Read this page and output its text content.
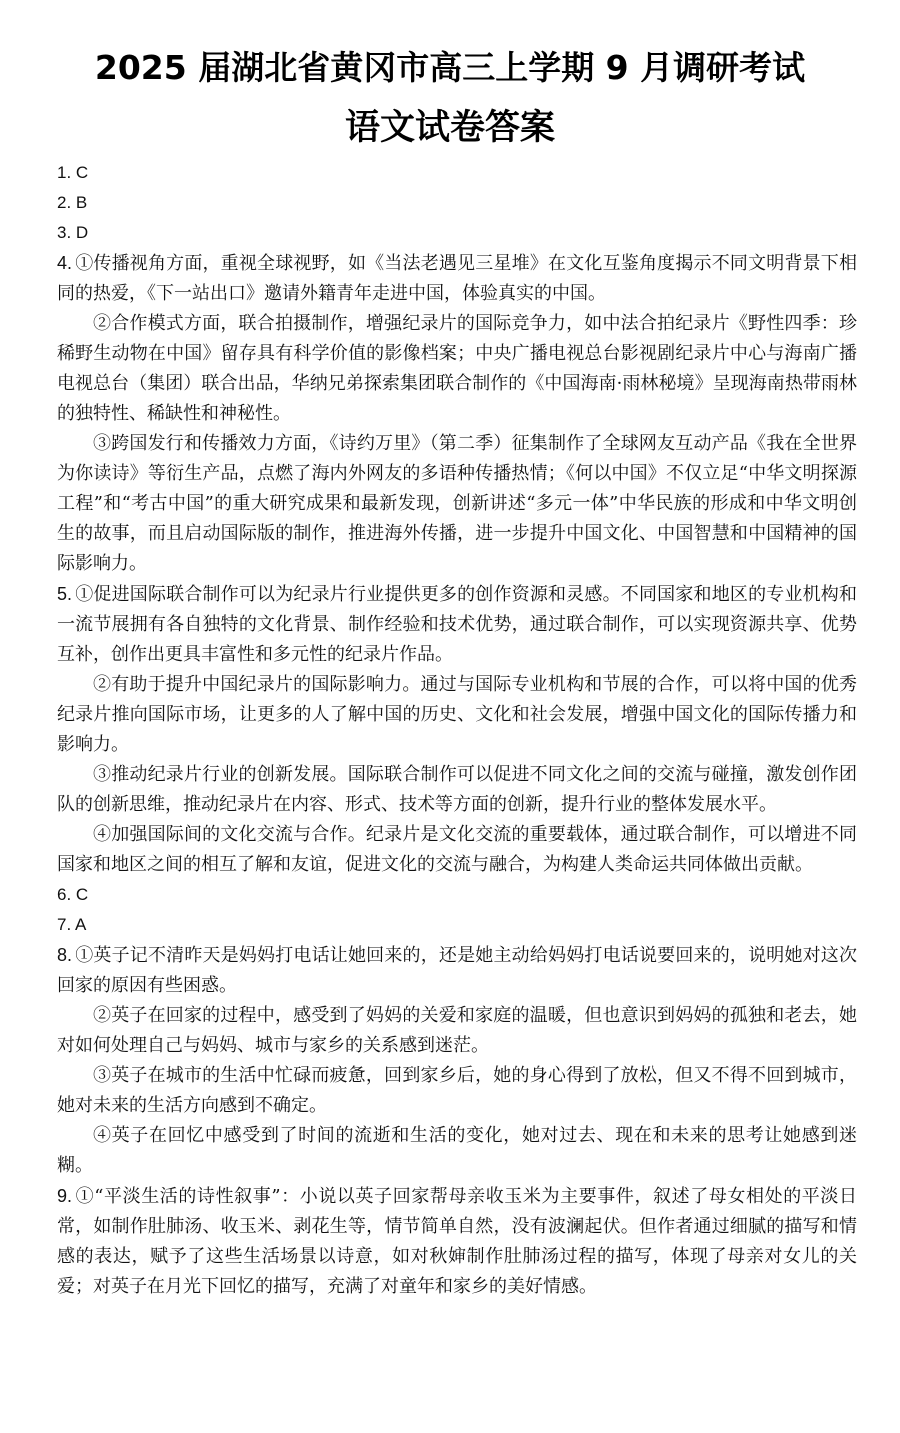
2025 届湖北省黄冈市高三上学期 9 月调研考试
语文试卷答案
1. C
2. B
3. D

4. ①传播视角方面，重视全球视野，如《当法老遇见三星堆》在文化互鉴角度揭示不同文明背景下相同的热爱，《下一站出口》邀请外籍青年走进中国，体验真实的中国。

②合作模式方面，联合拍摄制作，增强纪录片的国际竞争力，如中法合拍纪录片《野性四季：珍稀野生动物在中国》留存具有科学价值的影像档案；中央广播电视总台影视剧纪录片中心与海南广播电视总台（集团）联合出品，华纳兄弟探索集团联合制作的《中国海南·雨林秘境》呈现海南热带雨林的独特性、稀缺性和神秘性。

③跨国发行和传播效力方面，《诗约万里》（第二季）征集制作了全球网友互动产品《我在全世界为你读诗》等衍生产品，点燃了海内外网友的多语种传播热情；《何以中国》不仅立足“中华文明探源工程”和“考古中国”的重大研究成果和最新发现，创新讲述“多元一体”中华民族的形成和中华文明创生的故事，而且启动国际版的制作，推进海外传播，进一步提升中国文化、中国智慧和中国精神的国际影响力。

5. ①促进国际联合制作可以为纪录片行业提供更多的创作资源和灵感。不同国家和地区的专业机构和一流节展拥有各自独特的文化背景、制作经验和技术优势，通过联合制作，可以实现资源共享、优势互补，创作出更具丰富性和多元性的纪录片作品。

②有助于提升中国纪录片的国际影响力。通过与国际专业机构和节展的合作，可以将中国的优秀纪录片推向国际市场，让更多的人了解中国的历史、文化和社会发展，增强中国文化的国际传播力和影响力。

③推动纪录片行业的创新发展。国际联合制作可以促进不同文化之间的交流与碰撞，激发创作团队的创新思维，推动纪录片在内容、形式、技术等方面的创新，提升行业的整体发展水平。

④加强国际间的文化交流与合作。纪录片是文化交流的重要载体，通过联合制作，可以增进不同国家和地区之间的相互了解和友谊，促进文化的交流与融合，为构建人类命运共同体做出贡献。

6. C
7. A

8. ①英子记不清昨天是妈妈打电话让她回来的，还是她主动给妈妈打电话说要回来的，说明她对这次回家的原因有些困惑。

②英子在回家的过程中，感受到了妈妈的关爱和家庭的温暖，但也意识到妈妈的孤独和老去，她对如何处理自己与妈妈、城市与家乡的关系感到迷茫。

③英子在城市的生活中忙碌而疲惫，回到家乡后，她的身心得到了放松，但又不得不回到城市，她对未来的生活方向感到不确定。

④英子在回忆中感受到了时间的流逝和生活的变化，她对过去、现在和未来的思考让她感到迷糊。

9. ①“平淡生活的诗性叙事”：小说以英子回家帮母亲收玉米为主要事件，叙述了母女相处的平淡日常，如制作肚肺汤、收玉米、剥花生等，情节简单自然，没有波澜起伏。但作者通过细腻的描写和情感的表达，赋予了这些生活场景以诗意，如对秋婶制作肚肺汤过程的描写，体现了母亲对女儿的关爱；对英子在月光下回忆的描写，充满了对童年和家乡的美好情感。
